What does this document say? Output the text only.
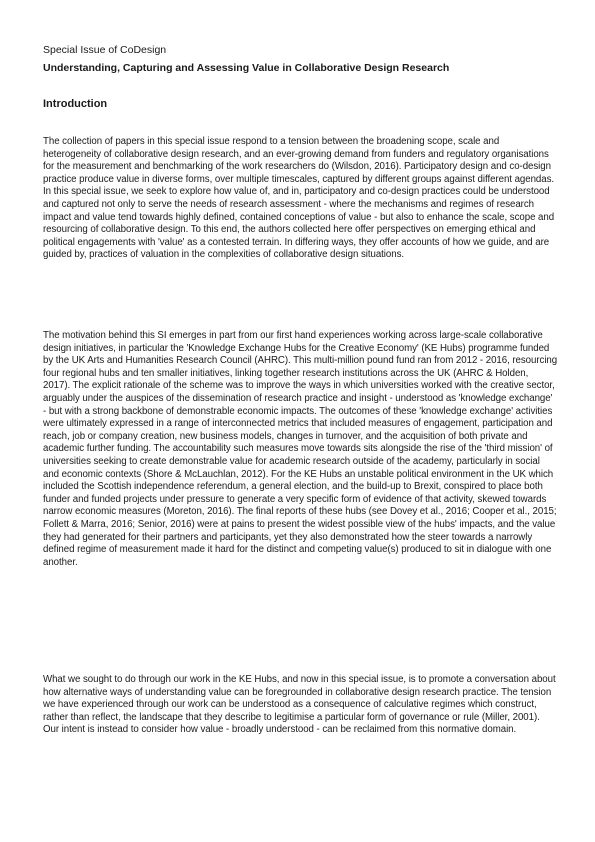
Special Issue of CoDesign

Understanding, Capturing and Assessing Value in Collaborative Design Research

Introduction

The collection of papers in this special issue respond to a tension between the broadening scope, scale and heterogeneity of collaborative design research, and an ever-growing demand from funders and regulatory organisations for the measurement and benchmarking of the work researchers do (Wilsdon, 2016). Participatory design and co-design practice produce value in diverse forms, over multiple timescales, captured by different groups against different agendas. In this special issue, we seek to explore how value of, and in, participatory and co-design practices could be understood and captured not only to serve the needs of research assessment - where the mechanisms and regimes of research impact and value tend towards highly defined, contained conceptions of value - but also to enhance the scale, scope and resourcing of collaborative design. To this end, the authors collected here offer perspectives on emerging ethical and political engagements with 'value' as a contested terrain. In differing ways, they offer accounts of how we guide, and are guided by, practices of valuation in the complexities of collaborative design situations.

The motivation behind this SI emerges in part from our first hand experiences working across large-scale collaborative design initiatives, in particular the 'Knowledge Exchange Hubs for the Creative Economy' (KE Hubs) programme funded by the UK Arts and Humanities Research Council (AHRC). This multi-million pound fund ran from 2012 - 2016, resourcing four regional hubs and ten smaller initiatives, linking together research institutions across the UK (AHRC & Holden, 2017). The explicit rationale of the scheme was to improve the ways in which universities worked with the creative sector, arguably under the auspices of the dissemination of research practice and insight - understood as 'knowledge exchange' - but with a strong backbone of demonstrable economic impacts. The outcomes of these 'knowledge exchange' activities were ultimately expressed in a range of interconnected metrics that included measures of engagement, participation and reach, job or company creation, new business models, changes in turnover, and the acquisition of both private and academic further funding. The accountability such measures move towards sits alongside the rise of the 'third mission' of universities seeking to create demonstrable value for academic research outside of the academy, particularly in social and economic contexts (Shore & McLauchlan, 2012). For the KE Hubs an unstable political environment in the UK which included the Scottish independence referendum, a general election, and the build-up to Brexit, conspired to place both funder and funded projects under pressure to generate a very specific form of evidence of that activity, skewed towards narrow economic measures (Moreton, 2016). The final reports of these hubs (see Dovey et al., 2016; Cooper et al., 2015; Follett & Marra, 2016; Senior, 2016) were at pains to present the widest possible view of the hubs' impacts, and the value they had generated for their partners and participants, yet they also demonstrated how the steer towards a narrowly defined regime of measurement made it hard for the distinct and competing value(s) produced to sit in dialogue with one another.

What we sought to do through our work in the KE Hubs, and now in this special issue, is to promote a conversation about how alternative ways of understanding value can be foregrounded in collaborative design research practice. The tension we have experienced through our work can be understood as a consequence of calculative regimes which construct, rather than reflect, the landscape that they describe to legitimise a particular form of governance or rule (Miller, 2001). Our intent is instead to consider how value - broadly understood - can be reclaimed from this normative domain.
